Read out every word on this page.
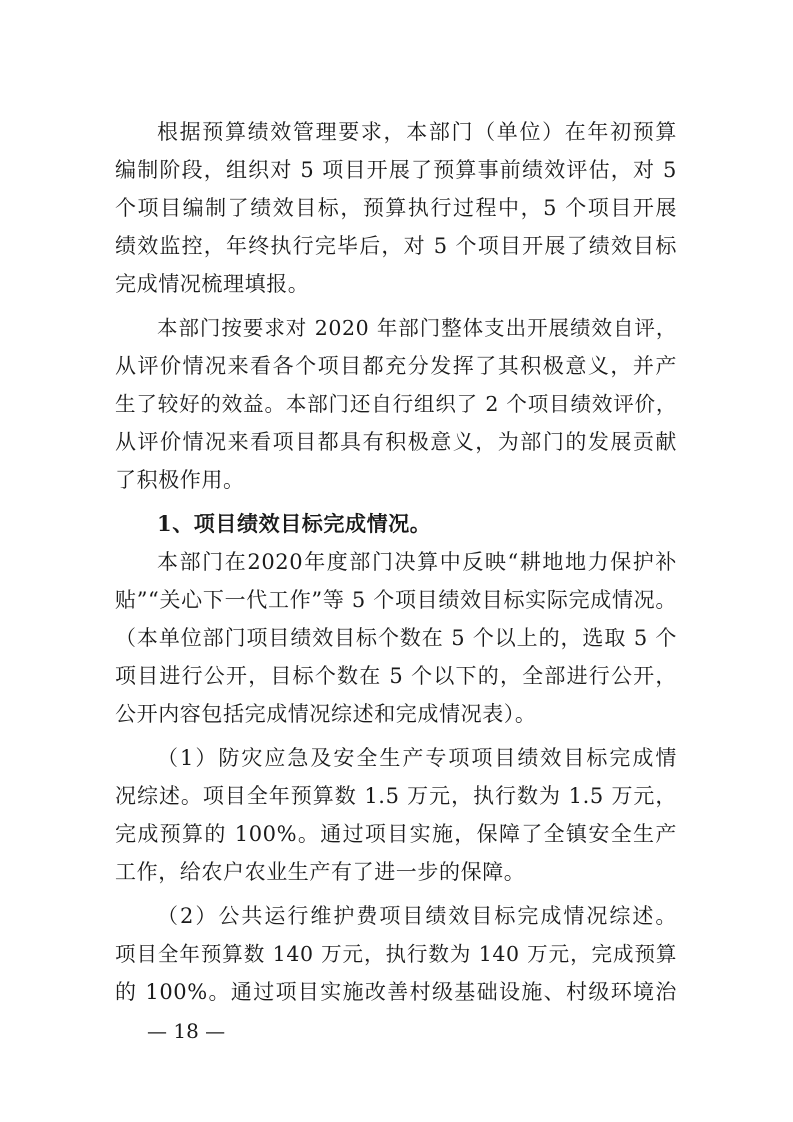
根据预算绩效管理要求，本部门（单位）在年初预算
编制阶段，组织对 5 项目开展了预算事前绩效评估，对 5
个项目编制了绩效目标，预算执行过程中，5 个项目开展
绩效监控，年终执行完毕后，对 5 个项目开展了绩效目标
完成情况梳理填报。
本部门按要求对 2020 年部门整体支出开展绩效自评，
从评价情况来看各个项目都充分发挥了其积极意义，并产
生了较好的效益。本部门还自行组织了 2 个项目绩效评价，
从评价情况来看项目都具有积极意义，为部门的发展贡献
了积极作用。
1、项目绩效目标完成情况。
本部门在2020年度部门决算中反映“耕地地力保护补
贴”“关心下一代工作”等 5 个项目绩效目标实际完成情况。
（本单位部门项目绩效目标个数在 5 个以上的，选取 5 个
项目进行公开，目标个数在 5 个以下的，全部进行公开，
公开内容包括完成情况综述和完成情况表）。
（1）防灾应急及安全生产专项项目绩效目标完成情
况综述。项目全年预算数 1.5 万元，执行数为 1.5 万元，
完成预算的 100%。通过项目实施，保障了全镇安全生产
工作，给农户农业生产有了进一步的保障。
（2）公共运行维护费项目绩效目标完成情况综述。
项目全年预算数 140 万元，执行数为 140 万元，完成预算
的 100%。通过项目实施改善村级基础设施、村级环境治
— 18 —
